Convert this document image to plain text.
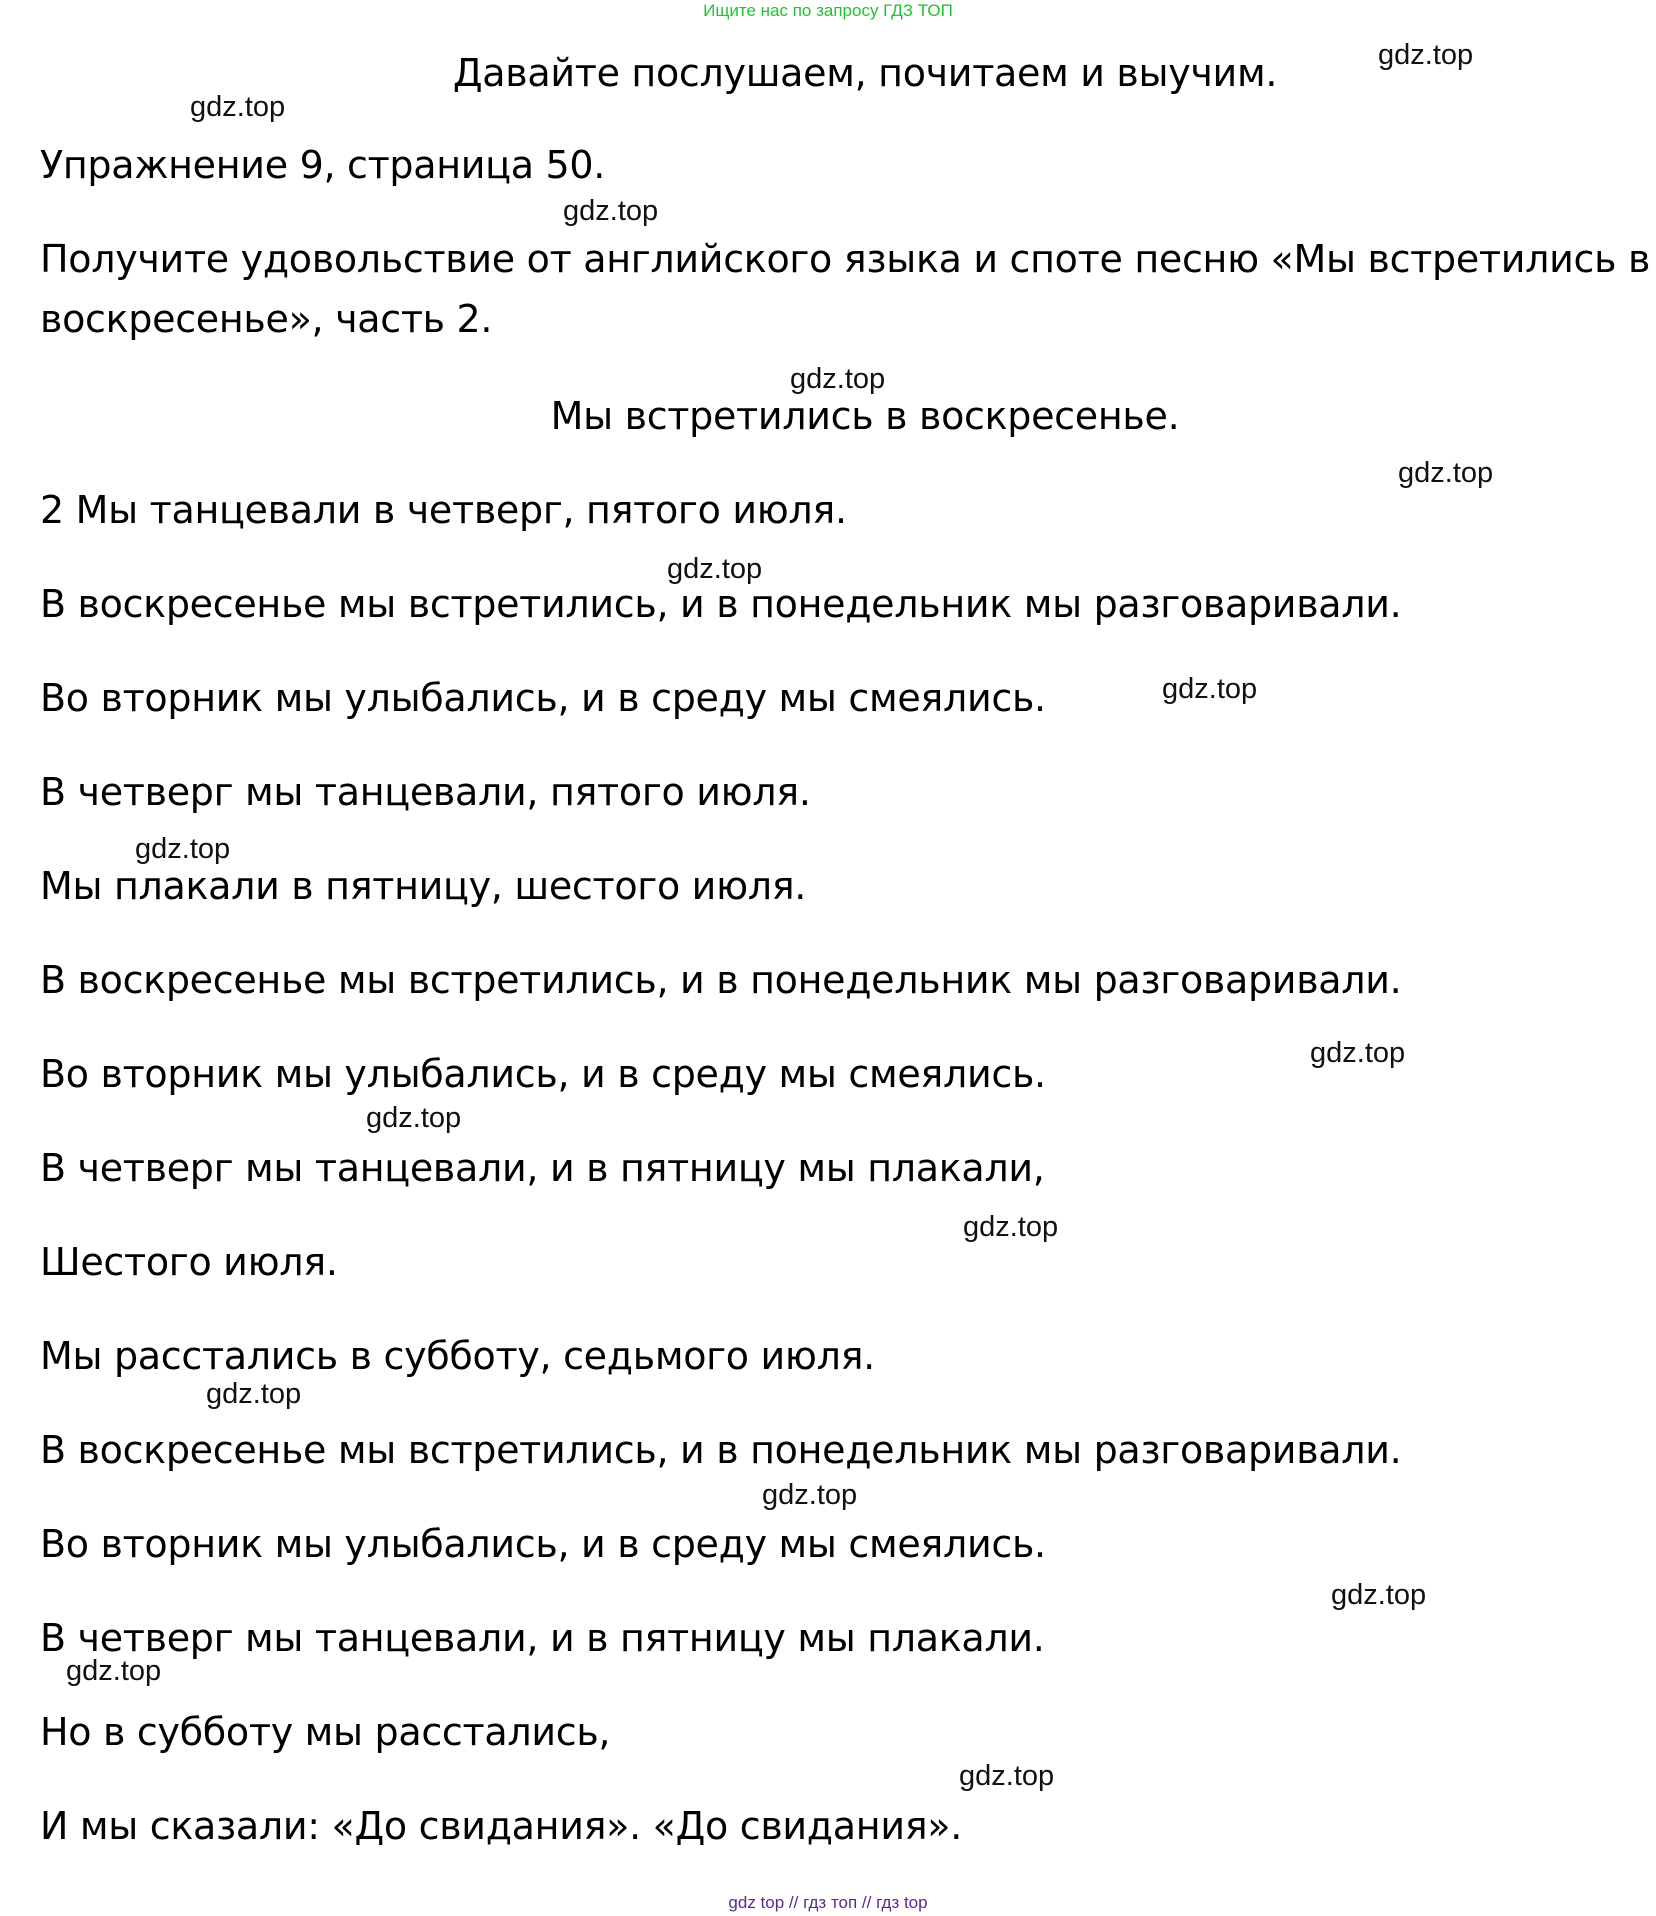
Ищите нас по запросу ГДЗ ТОП
Давайте послушаем, почитаем и выучим.
Упражнение 9, страница 50.
Получите удовольствие от английского языка и споте песню «Мы встретились в
воскресенье», часть 2.
Мы встретились в воскресенье.
2 Мы танцевали в четверг, пятого июля.
В воскресенье мы встретились, и в понедельник мы разговаривали.
Во вторник мы улыбались, и в среду мы смеялись.
В четверг мы танцевали, пятого июля.
Мы плакали в пятницу, шестого июля.
В воскресенье мы встретились, и в понедельник мы разговаривали.
Во вторник мы улыбались, и в среду мы смеялись.
В четверг мы танцевали, и в пятницу мы плакали,
Шестого июля.
Мы расстались в субботу, седьмого июля.
В воскресенье мы встретились, и в понедельник мы разговаривали.
Во вторник мы улыбались, и в среду мы смеялись.
В четверг мы танцевали, и в пятницу мы плакали.
Но в субботу мы расстались,
И мы сказали: «До свидания». «До свидания».
gdz.top
gdz.top
gdz.top
gdz.top
gdz.top
gdz.top
gdz.top
gdz.top
gdz.top
gdz.top
gdz.top
gdz.top
gdz.top
gdz.top
gdz.top
gdz.top
gdz top // гдз топ // гдз top
